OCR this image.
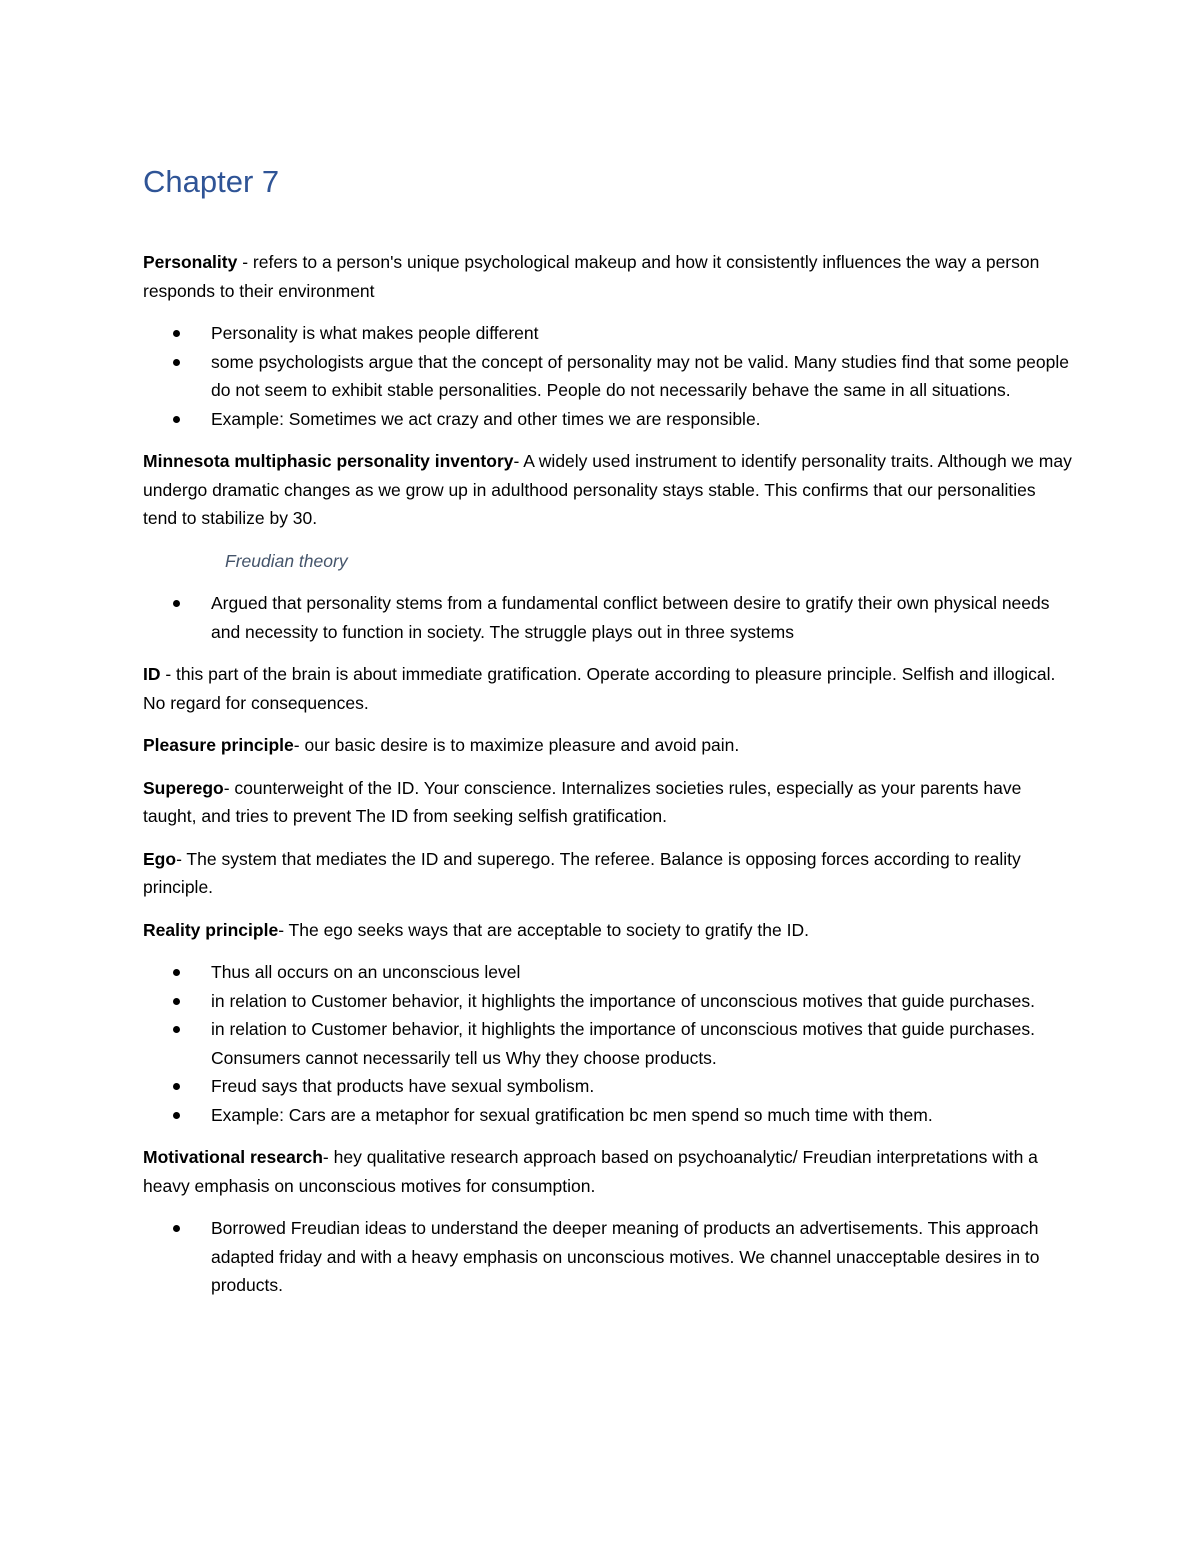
Chapter 7

Personality - refers to a person's unique psychological makeup and how it consistently influences the way a person responds to their environment

Personality is what makes people different
some psychologists argue that the concept of personality may not be valid. Many studies find that some people do not seem to exhibit stable personalities. People do not necessarily behave the same in all situations.
Example: Sometimes we act crazy and other times we are responsible.

Minnesota multiphasic personality inventory- A widely used instrument to identify personality traits. Although we may undergo dramatic changes as we grow up in adulthood personality stays stable. This confirms that our personalities tend to stabilize by 30.

Freudian theory

Argued that personality stems from a fundamental conflict between desire to gratify their own physical needs and necessity to function in society. The struggle plays out in three systems

ID - this part of the brain is about immediate gratification. Operate according to pleasure principle. Selfish and illogical. No regard for consequences.

Pleasure principle- our basic desire is to maximize pleasure and avoid pain.

Superego- counterweight of the ID. Your conscience. Internalizes societies rules, especially as your parents have taught, and tries to prevent The ID from seeking selfish gratification.

Ego- The system that mediates the ID and superego. The referee. Balance is opposing forces according to reality principle.

Reality principle- The ego seeks ways that are acceptable to society to gratify the ID.

Thus all occurs on an unconscious level
in relation to Customer behavior, it highlights the importance of unconscious motives that guide purchases.
in relation to Customer behavior, it highlights the importance of unconscious motives that guide purchases. Consumers cannot necessarily tell us Why they choose products.
Freud says that products have sexual symbolism.
Example: Cars are a metaphor for sexual gratification bc men spend so much time with them.

Motivational research- hey qualitative research approach based on psychoanalytic/ Freudian interpretations with a heavy emphasis on unconscious motives for consumption.

Borrowed Freudian ideas to understand the deeper meaning of products an advertisements. This approach adapted friday and with a heavy emphasis on unconscious motives. We channel unacceptable desires in to products.
